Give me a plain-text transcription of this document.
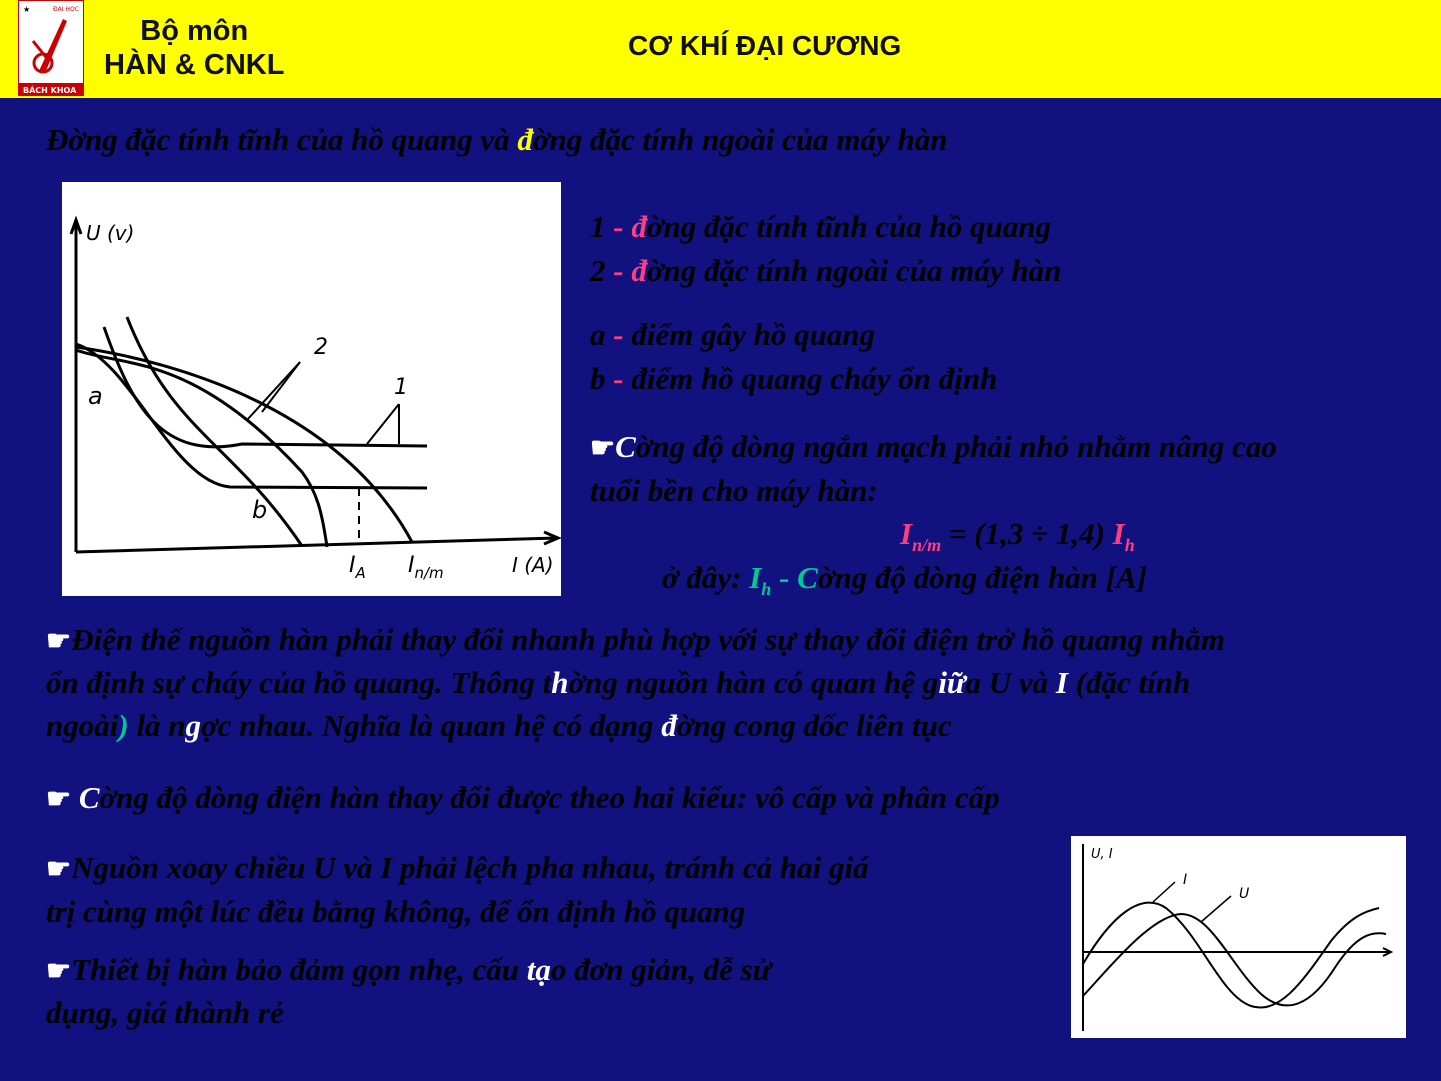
★	ĐẠI HỌC
BÁCH KHOA
Bộ môn
HÀN & CNKL
CƠ KHÍ ĐẠI CƯƠNG
Đờng đặc tính tĩnh của hồ quang và đờng đặc tính ngoài của máy hàn
U (v)
I (A)
2
1
a
b
$I_A$ $I_{n/m}$
1 - đờng đặc tính tĩnh của hồ quang
2 - đờng đặc tính ngoài của máy hàn
a - điểm gây hồ quang
b - điểm hồ quang cháy ổn định
☛Cờng độ dòng ngắn mạch phải nhỏ nhằm nâng cao
tuổi bền cho máy hàn:
$I_{n/m} = (1,3 \div 1,4)$ $I_h$
ở đây: $I_h$ - Cờng độ dòng điện hàn [A]
☛Điện thế nguồn hàn phải thay đổi nhanh phù hợp với sự thay đổi điện trở hồ quang nhằm
ổn định sự cháy của hồ quang. Thông thờng nguồn hàn có quan hệ giữa U và I (đặc tính
ngoài) là ngợc nhau. Nghĩa là quan hệ có dạng đờng cong dốc liên tục
☛ Cờng độ dòng điện hàn thay đổi được theo hai kiểu: vô cấp và phân cấp
☛Nguồn xoay chiều U và I phải lệch pha nhau, tránh cả hai giá
trị cùng một lúc đều bằng không, để ổn định hồ quang
☛Thiết bị hàn bảo đảm gọn nhẹ, cấu tạo đơn giản, dễ sử
dụng, giá thành rẻ
U, I
I
U
